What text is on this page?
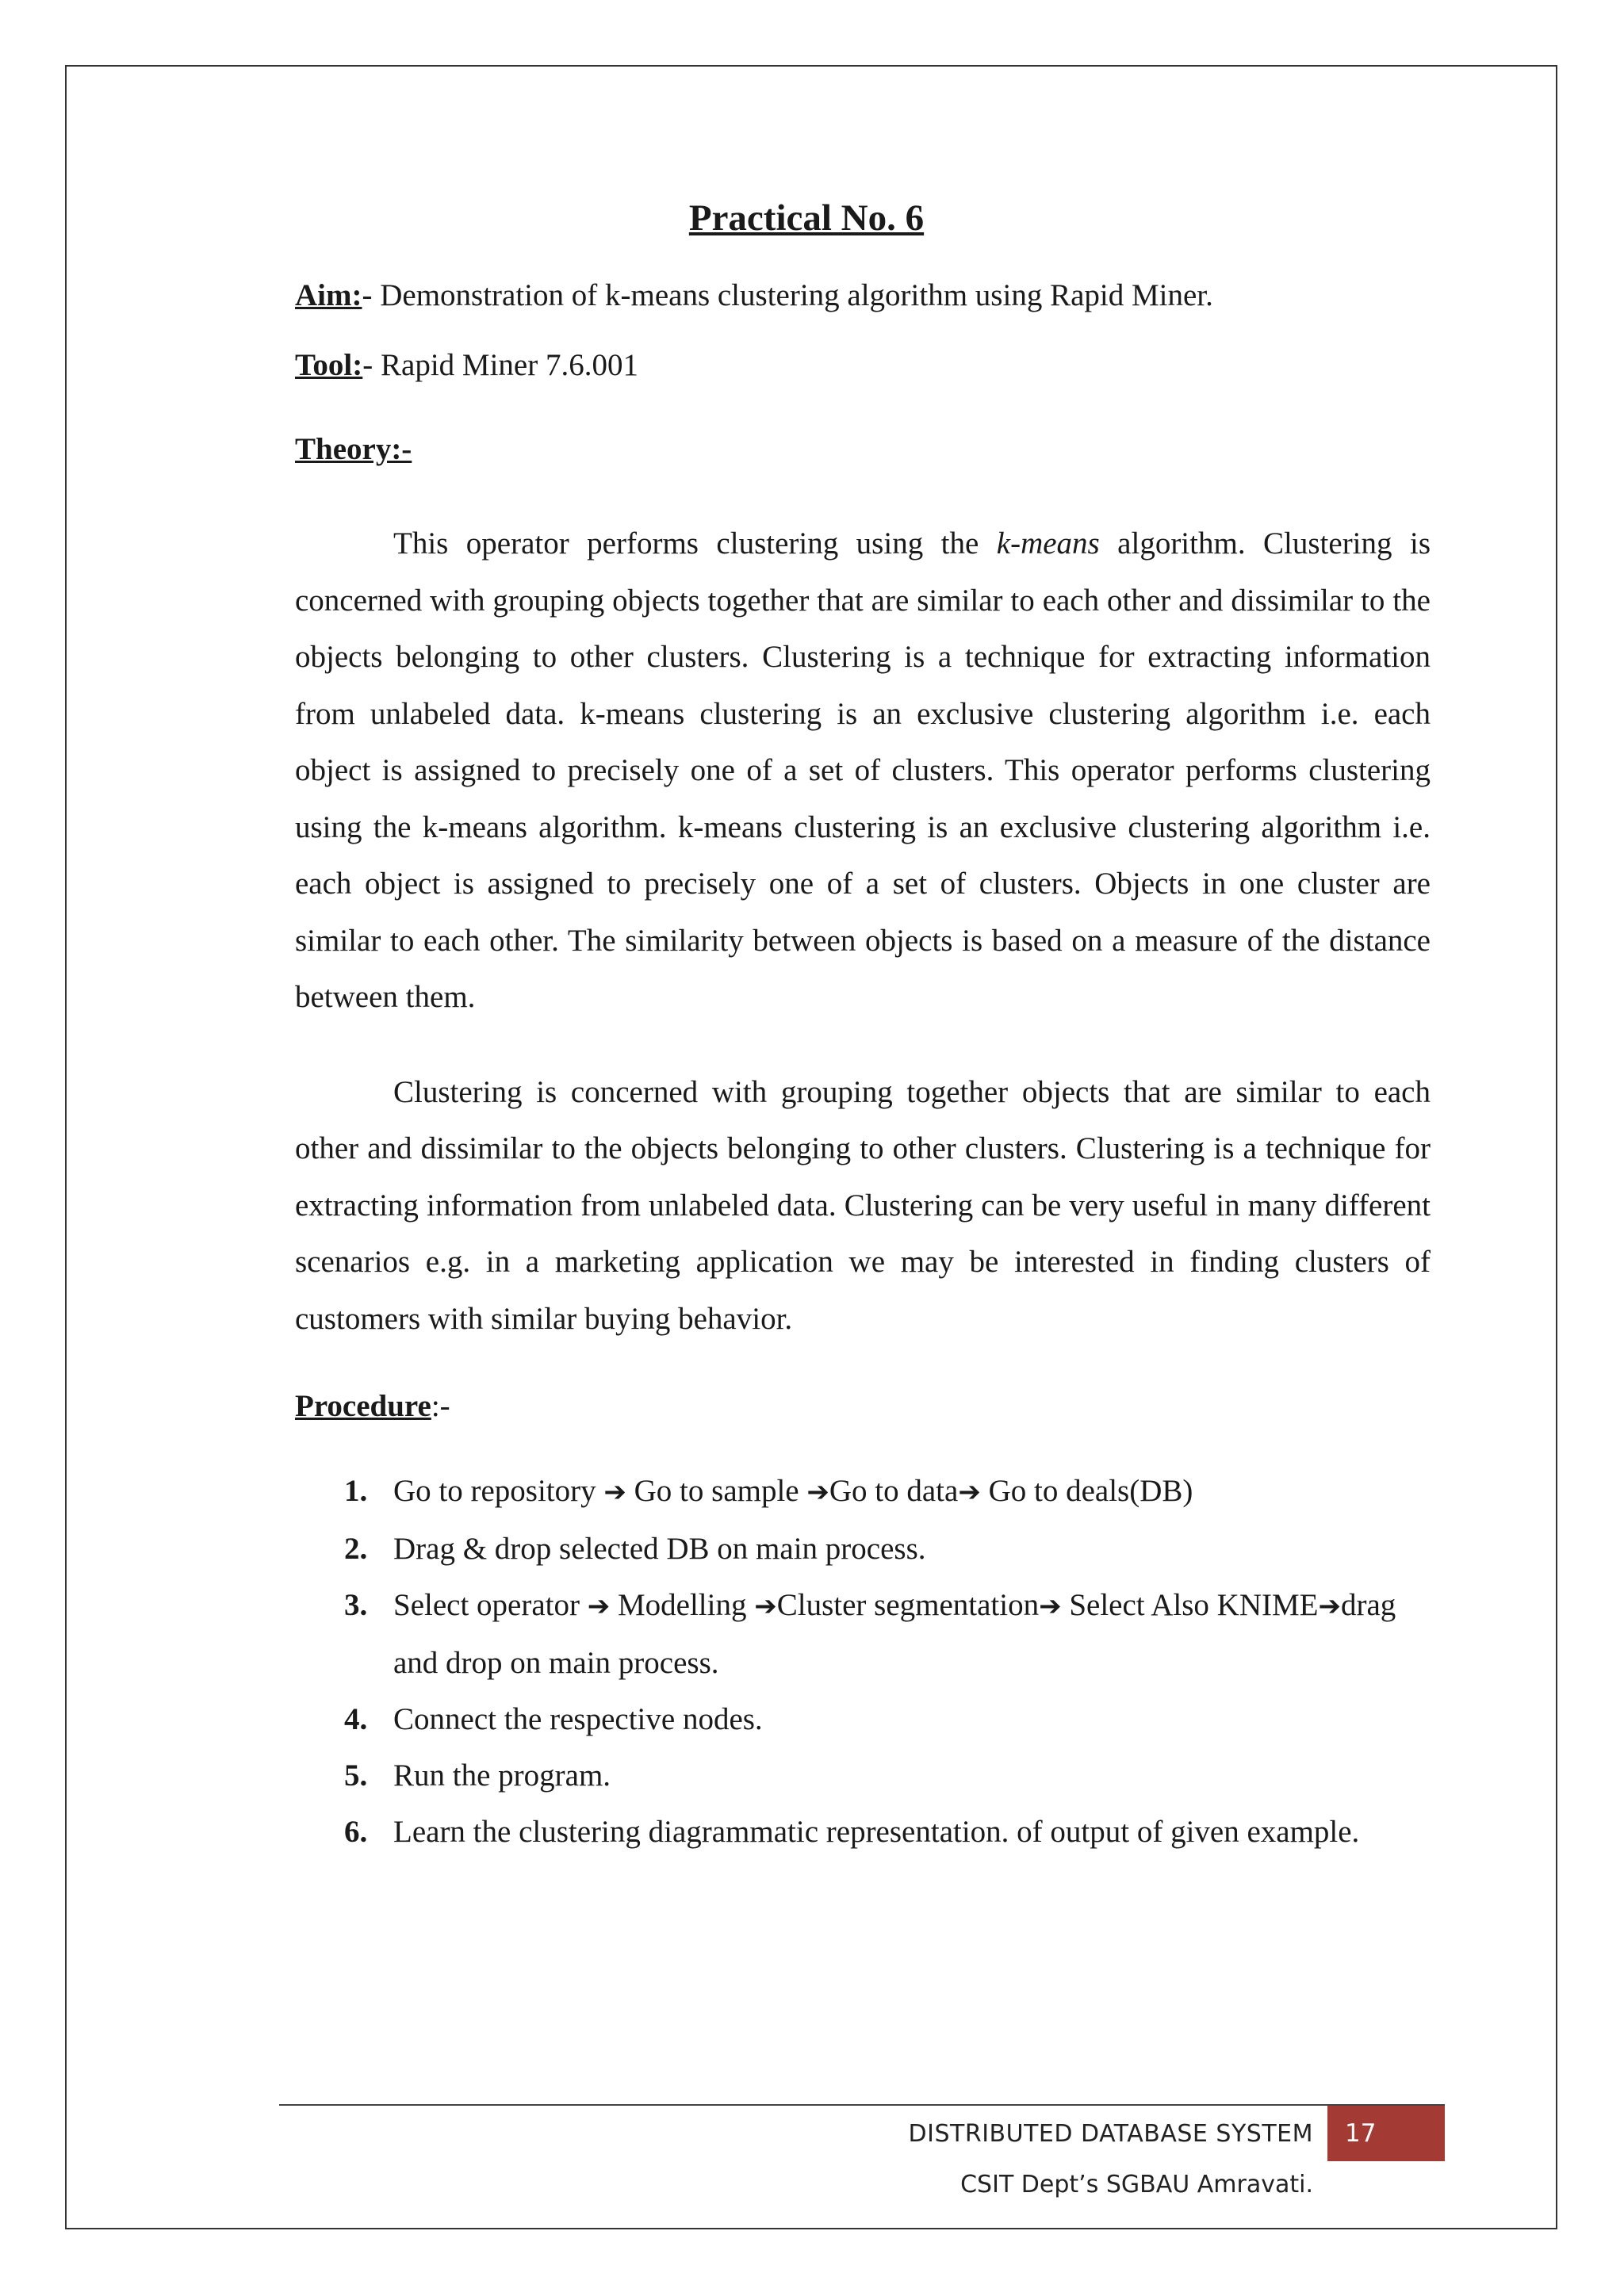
Practical No. 6
Aim:- Demonstration of k-means clustering algorithm using Rapid Miner.
Tool:- Rapid Miner 7.6.001
Theory:-

This operator performs clustering using the k-means algorithm. Clustering is concerned with grouping objects together that are similar to each other and dissimilar to the objects belonging to other clusters. Clustering is a technique for extracting information from unlabeled data. k-means clustering is an exclusive clustering algorithm i.e. each object is assigned to precisely one of a set of clusters. This operator performs clustering using the k-means algorithm. k-means clustering is an exclusive clustering algorithm i.e. each object is assigned to precisely one of a set of clusters. Objects in one cluster are similar to each other. The similarity between objects is based on a measure of the distance between them.

Clustering is concerned with grouping together objects that are similar to each other and dissimilar to the objects belonging to other clusters. Clustering is a technique for extracting information from unlabeled data. Clustering can be very useful in many different scenarios e.g. in a marketing application we may be interested in finding clusters of customers with similar buying behavior.

Procedure:-
1. Go to repository ➔ Go to sample ➔Go to data➔ Go to deals(DB)
2. Drag & drop selected DB on main process.
3. Select operator ➔ Modelling ➔Cluster segmentation➔ Select Also KNIME➔drag and drop on main process.
4. Connect the respective nodes.
5. Run the program.
6. Learn the clustering diagrammatic representation. of output of given example.
DISTRIBUTED DATABASE SYSTEM	17
CSIT Dept’s SGBAU Amravati.
